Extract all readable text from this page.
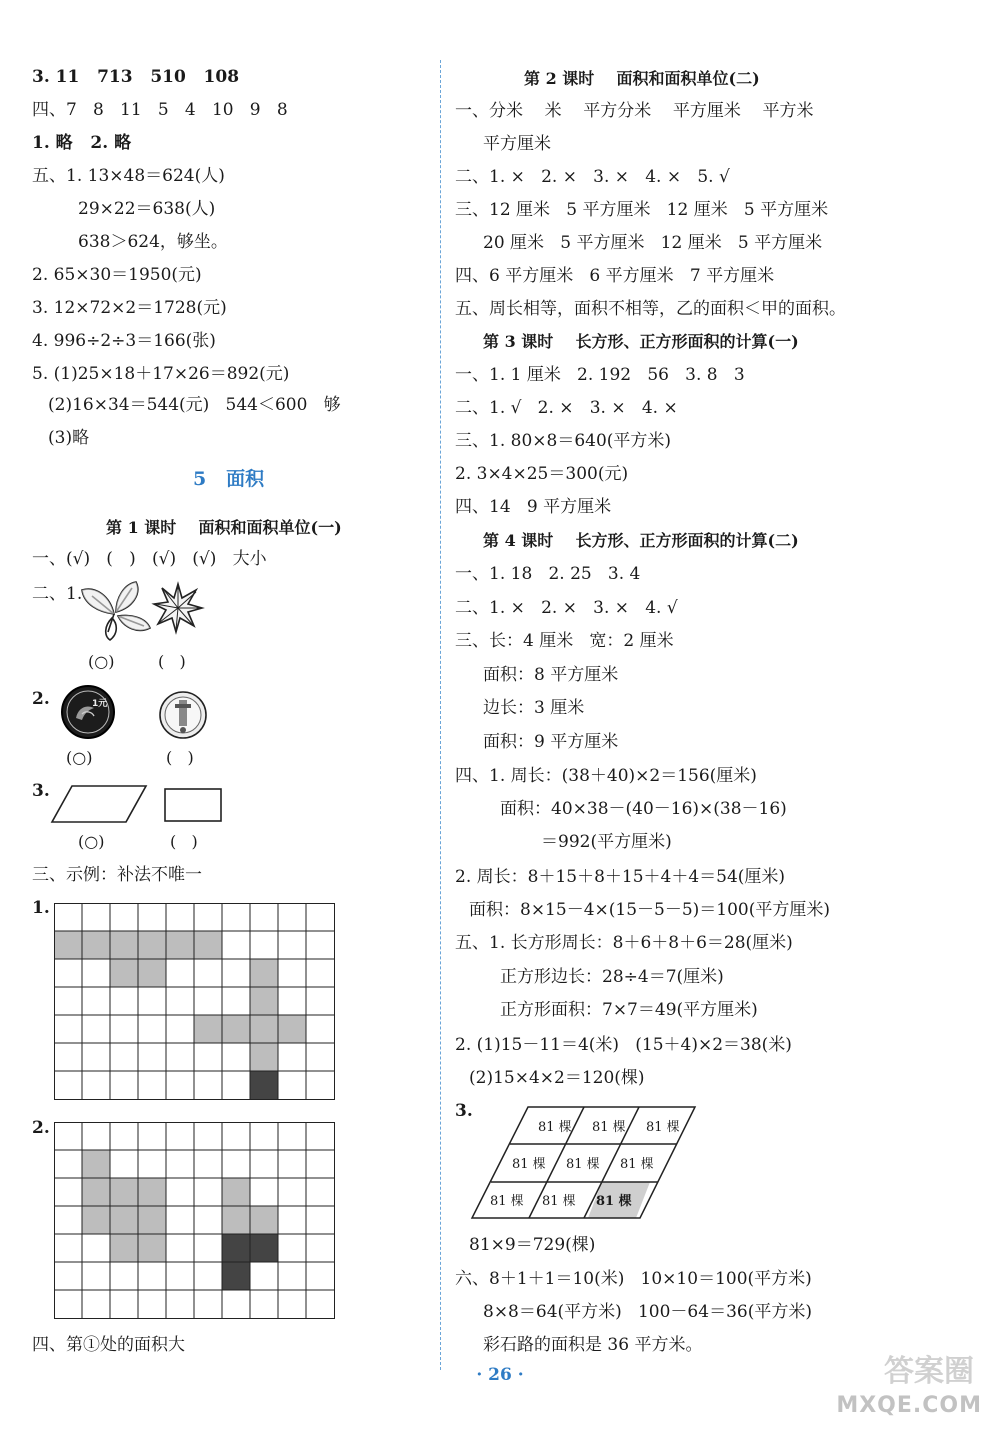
3. 11   713   510   108
四、7   8   11   5   4   10   9   8
1. 略   2. 略
五、1. 13×48＝624(人)
29×22＝638(人)
638＞624，够坐。
2. 65×30＝1950(元)
3. 12×72×2＝1728(元)
4. 996÷2÷3＝166(张)
5. (1)25×18＋17×26＝892(元)
(2)16×34＝544(元)   544＜600   够
(3)略
5   面积
第 1 课时    面积和面积单位(一)
一、(√)   (   )   (√)   (√)   大小
二、1.
(○)	(   )
2.	1元
(○)	(   )
3.
(○)	(   )
三、示例：补法不唯一
1.
2.
四、第①处的面积大
第 2 课时    面积和面积单位(二)
一、分米    米    平方分米    平方厘米    平方米
平方厘米
二、1. ×   2. ×   3. ×   4. ×   5. √
三、12 厘米   5 平方厘米   12 厘米   5 平方厘米
20 厘米   5 平方厘米   12 厘米   5 平方厘米
四、6 平方厘米   6 平方厘米   7 平方厘米
五、周长相等，面积不相等，乙的面积＜甲的面积。
第 3 课时    长方形、正方形面积的计算(一)
一、1. 1 厘米   2. 192   56   3. 8   3
二、1. √   2. ×   3. ×   4. ×
三、1. 80×8＝640(平方米)
2. 3×4×25＝300(元)
四、14   9 平方厘米
第 4 课时    长方形、正方形面积的计算(二)
一、1. 18   2. 25   3. 4
二、1. ×   2. ×   3. ×   4. √
三、长：4 厘米   宽：2 厘米
面积：8 平方厘米
边长：3 厘米
面积：9 平方厘米
四、1. 周长：(38＋40)×2＝156(厘米)
面积：40×38－(40－16)×(38－16)
＝992(平方厘米)
2. 周长：8＋15＋8＋15＋4＋4＝54(厘米)
面积：8×15－4×(15－5－5)＝100(平方厘米)
五、1. 长方形周长：8＋6＋8＋6＝28(厘米)
正方形边长：28÷4＝7(厘米)
正方形面积：7×7＝49(平方厘米)
2. (1)15－11＝4(米)   (15＋4)×2＝38(米)
(2)15×4×2＝120(棵)
3.
81 棵 81 棵 81 棵
81 棵 81 棵 81 棵
81 棵 81 棵 81 棵
81×9＝729(棵)
六、8＋1＋1＝10(米)   10×10＝100(平方米)
8×8＝64(平方米)   100－64＝36(平方米)
彩石路的面积是 36 平方米。
· 26 ·	答案圈
MXQE.COM
